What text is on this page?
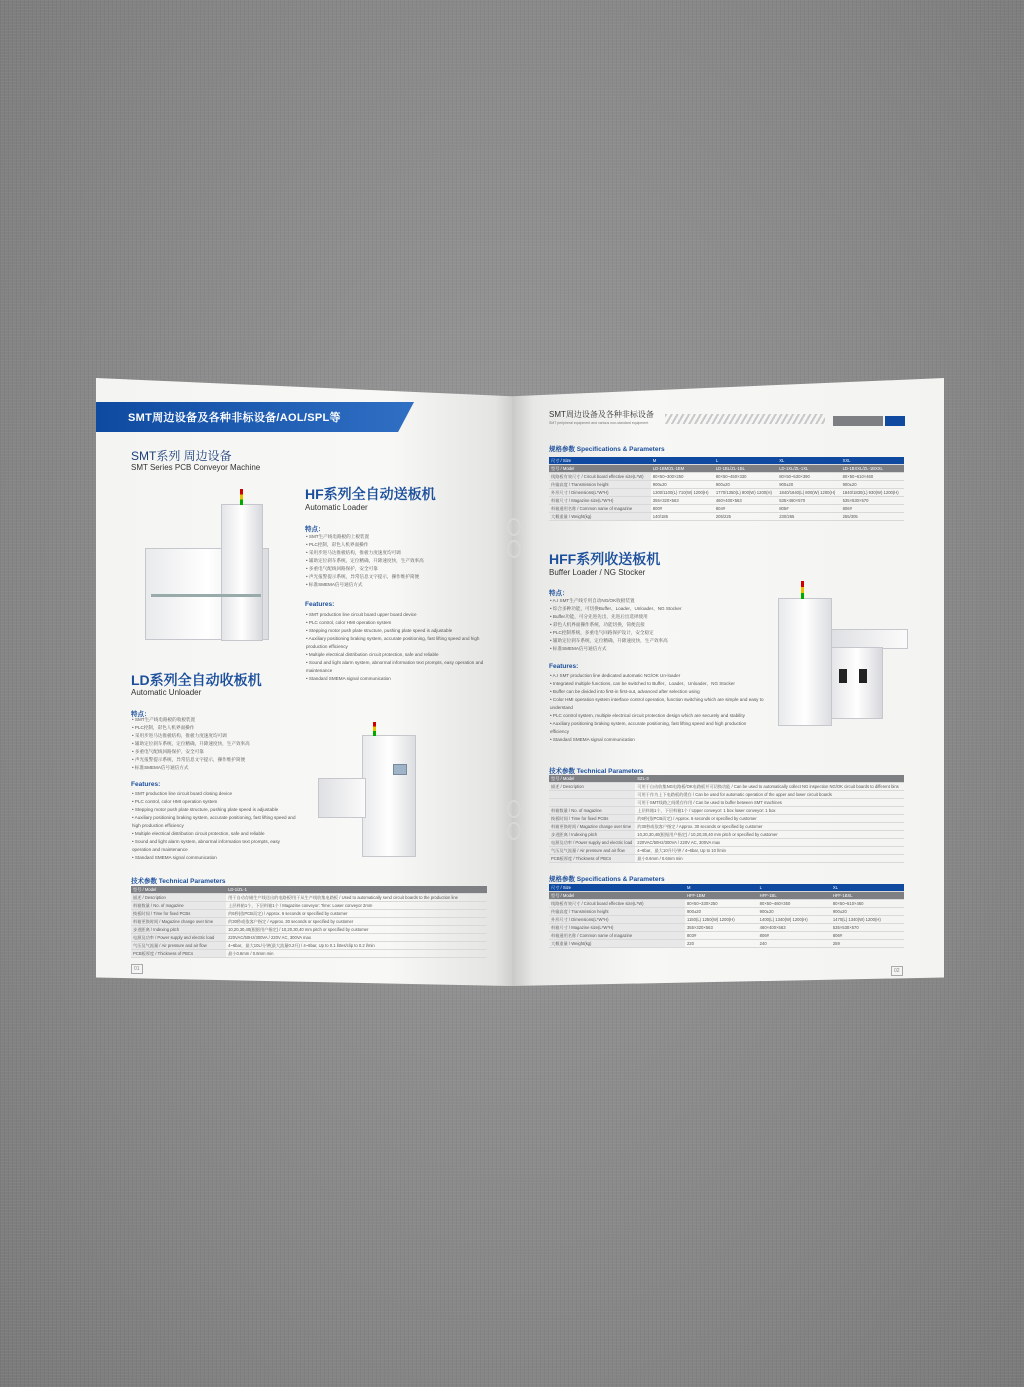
SMT周边设备及各种非标设备/AOL/SPL等
SMT系列 周边设备
SMT Series PCB Conveyor Machine
HF系列全自动送板机
Automatic Loader
特点：
• SMT生产线电路板的上板装置
• PLC控制，彩色人机界面操作
• 采用步进马达推板结构，推板力度速度均可调
• 辅助定位刹车系统，定位精确，升降速度快，生产效率高
• 多重电气配线回路保护，安全可靠
• 声光报警提示系统，异常信息文字提示，操作维护简便
• 标准SMEMA信号通信方式
Features:
• SMT production line circuit board upper board device
• PLC control, color HMI operation system
• Stepping motor push plate structure, pushing plate speed is adjustable
• Auxiliary positioning braking system, accurate positioning, fast lifting speed and high production efficiency
• Multiple electrical distribution circuit protection, safe and reliable
• Sound and light alarm system, abnormal information text prompts, easy operation and maintenance
• Standard SMEMA signal communication
LD系列全自动收板机
Automatic Unloader
特点：
• SMT生产线电路板的收板装置
• PLC控制，彩色人机界面操作
• 采用步进马达推板结构，推板力度速度均可调
• 辅助定位刹车系统，定位精确，升降速度快，生产效率高
• 多重电气配线回路保护，安全可靠
• 声光报警提示系统，异常信息文字提示，操作维护简便
• 标准SMEMA信号通信方式
Features:
• SMT production line circuit board closing device
• PLC control, color HMI operation system
• Stepping motor push plate structure, pushing plate speed is adjustable
• Auxiliary positioning braking system, accurate positioning, fast lifting speed and high production efficiency
• Multiple electrical distribution circuit protection, safe and reliable
• Sound and light alarm system, abnormal information text prompts, easy operation and maintenance
• Standard SMEMA signal communication
技术参数 Technical Parameters
型号 / Model	LD-1/ZL-1
描述 / Description	用于自动存储生产线送出的电路板/用于从生产线收集电路板 / Used to automatically send circuit boards to the production line
料箱数量 / No. of magazine	上层料箱1个，下层料箱1个 / Magazine conveyor: Time: Lower conveyor 2mm
换板时间 / Time for fixed PCBs	约6秒(依PCB而定) / Approx. 6 seconds or specified by customer
料箱更换时间 / Magazine change over time	约30秒或依客户指定 / Approx. 30 seconds or specified by customer
步进距离 / Indexing pitch	10,20,30,40(根据用户指定) / 10,20,30,40 mm pitch or specified by customer
电源及功率 / Power supply and electric load	220VAC/50Hz/300VA / 220V AC, 300VA max
气压及气流量 / Air pressure and air flow	4~6bar，最大10L/分钟(最大流量0.2升) / 4~6bar, Up to 0.1 litres/clip to 0.2 l/min
PCB板厚度 / Thickness of PBCs	最小0.6mm / 0.6mm min
01
SMT周边设备及各种非标设备
SMT peripheral equipment and various non-standard equipment
规格参数 Specifications & Parameters
尺寸 / Size	M	L	XL	XXL
型号 / Model	LD-1BM/ZL-1BM	LD-1BL/ZL-1BL	LD-1XL/ZL-1XL	LD-1BXXL/ZL-1BXXL
线路板有效尺寸 / Circuit board effective size(L*W)	80×50~300×250	80×50~450×330	80×50~530×390	80×50~610×460
传输高度 / Transmission height	900±20	900±20	900±20	900±20
外形尺寸 / Dimensions(L*W*H)	1300/1100(L) 710(W) 1200(H)	1770/1350(L) 800(W) 1200(H)	1840/1640(L) 800(W) 1200(H)	1840/1830(L) 930(W) 1200(H)
料箱尺寸 / Magazine size(L*W*H)	355×320×563	460×400×563	535×460×570	535×530×570
料箱通用名称 / Common name of magazine	800#	804#	805#	806#
大概重量 / Weight(kg)	140/185	205/225	230/265	255/305
HFF系列收送板机
Buffer Loader / NG Stocker
特点：
• A.I SMT生产线专用自动NG/OK收板装置
• 综合多种功能，可切换Buffer、Loader、Unloader、NG Stocker
• Buffer功能，可分先进先出，先进后出选择使用
• 彩色人机界面操作系统，功能切换，简便直接
• PLC控制系统，多重电气回路保护设计，安全稳定
• 辅助定位刹车系统，定位精确，升降速度快，生产效率高
• 标准SMEMA信号通信方式
Features:
• A.I SMT production line dedicated automatic NG/OK Un-loader
• Integrated multiple functions, can be switched to Buffer、Loader、Unloader、NG Stocker
• Buffer can be divided into first-in first-out, advanced after selection using
• Color HMI operation system interface control operation, function switching which are simple and easy to understand
• PLC control system, multiple electrical circuit protection design which are securely and stability
• Auxiliary positioning braking system, accurate positioning, fast lifting speed and high production efficiency
• Standard SMEMA signal communication
技术参数 Technical Parameters
型号 / Model	SZL-3
描述 / Description	可用于自动收集NG电路板/OK电路板并可切换功能 / Can be used to automatically collect NG inspection NG/OK circuit boards to different bins
	可用于作为上下电路板的缓存 / Can be used for automatic operation of the upper and lower circuit boards
	可用于SMT线路之间缓存作用 / Can be used to buffer between SMT machines
料箱数量 / No. of magazine	上层料箱1个，下层料箱1个 / Upper conveyor: 1 box lower conveyor: 1 box
换板时间 / Time for fixed PCBs	约6秒(依PCB而定) / Approx. 6 seconds or specified by customer
料箱更换时间 / Magazine change over time	约30秒或依客户指定 / Approx. 30 seconds or specified by customer
步进距离 / Indexing pitch	10,20,30,40(根据用户指定) / 10,20,30,40 mm pitch or specified by customer
电源及功率 / Power supply and electric load	220VAC/50Hz/300VA / 220V AC, 300VA max
气压及气流量 / Air pressure and air flow	4~6bar，最大10升/分钟 / 4~6bar, Up to 10 l/min
PCB板厚度 / Thickness of PBCs	最小0.6mm / 0.6mm min
规格参数 Specifications & Parameters
尺寸 / Size	M	L	XL
型号 / Model	HFF-1BM	HFF-1BL	HFF-1BXL
线路板有效尺寸 / Circuit board effective size(L*W)	80×50~330×250	80×50~460×350	80×50~510×460
传输高度 / Transmission height	900±20	900±20	900±20
外形尺寸 / Dimensions(L*W*H)	1150(L) 1250(W) 1200(H)	1400(L) 1340(W) 1200(H)	1470(L) 1340(W) 1200(H)
料箱尺寸 / Magazine size(L*W*H)	355×320×563	460×400×563	535×530×570
料箱通用名称 / Common name of magazine	803#	806#	806#
大概重量 / Weight(kg)	220	240	259
02
